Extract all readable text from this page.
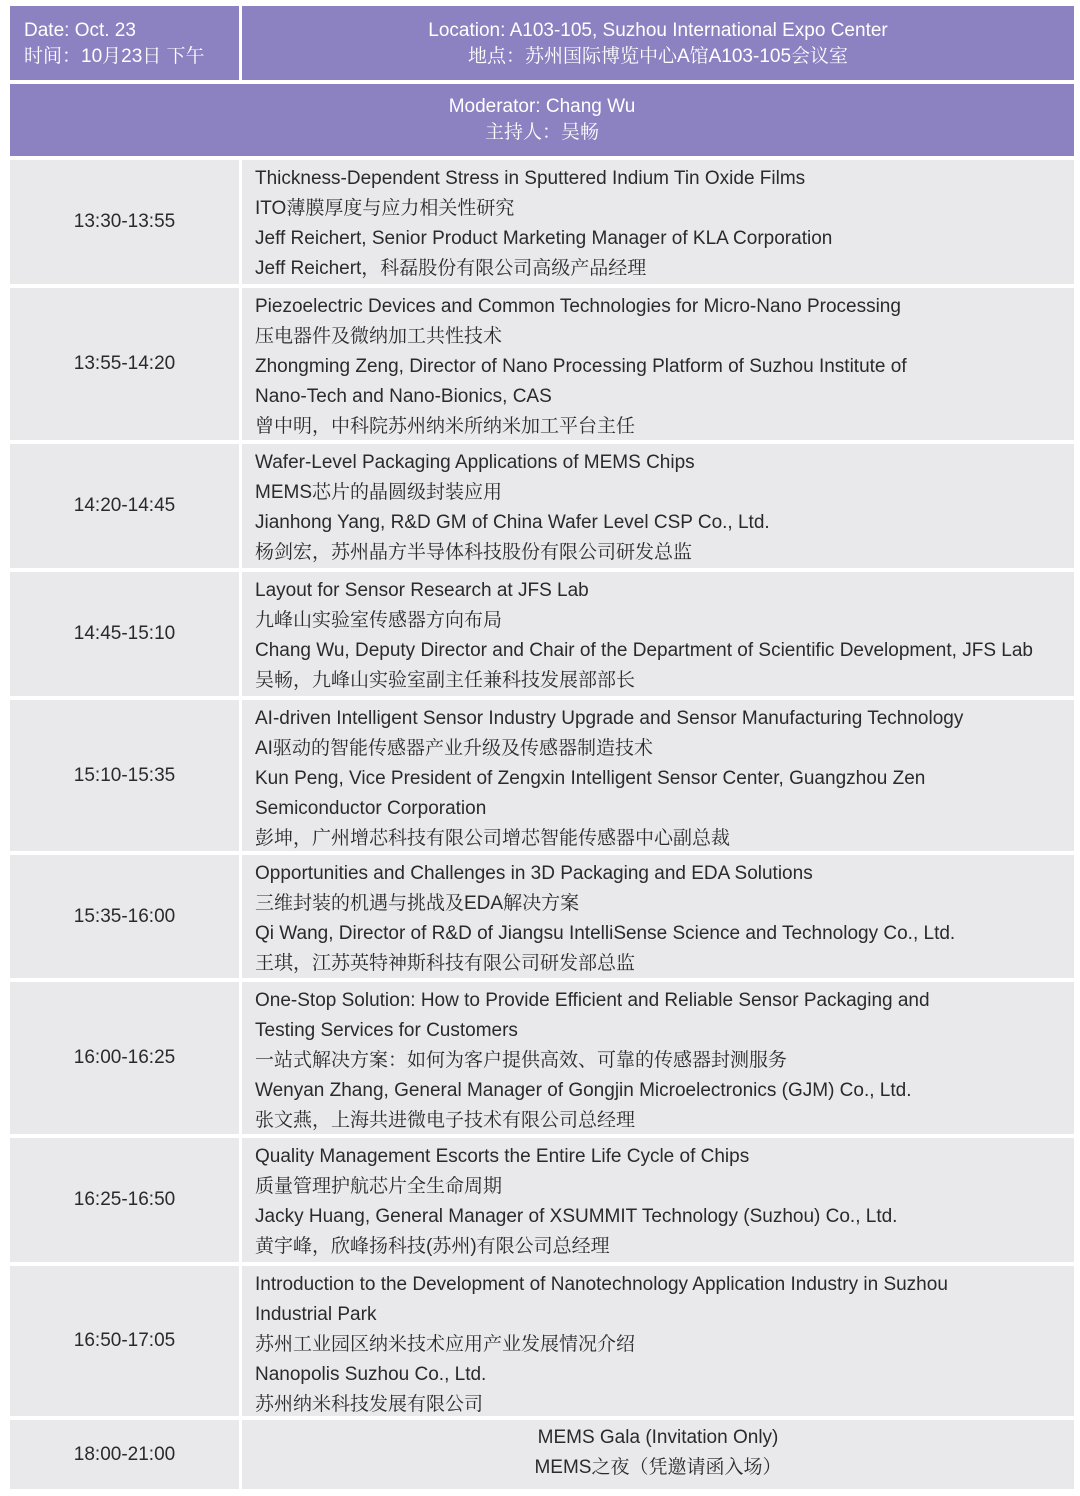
Date: Oct. 23
时间：10月23日 下午
Location: A103-105, Suzhou International Expo Center
地点：苏州国际博览中心A馆A103-105会议室
Moderator: Chang Wu
主持人：吴畅
13:30-13:55
Thickness-Dependent Stress in Sputtered Indium Tin Oxide Films
ITO薄膜厚度与应力相关性研究
Jeff Reichert, Senior Product Marketing Manager of KLA Corporation
Jeff Reichert，科磊股份有限公司高级产品经理
13:55-14:20
Piezoelectric Devices and Common Technologies for Micro-Nano Processing
压电器件及微纳加工共性技术
Zhongming Zeng, Director of Nano Processing Platform of Suzhou Institute of
Nano-Tech and Nano-Bionics, CAS
曾中明，中科院苏州纳米所纳米加工平台主任
14:20-14:45
Wafer-Level Packaging Applications of MEMS Chips
MEMS芯片的晶圆级封装应用
Jianhong Yang, R&D GM of China Wafer Level CSP Co., Ltd.
杨剑宏，苏州晶方半导体科技股份有限公司研发总监
14:45-15:10
Layout for Sensor Research at JFS Lab
九峰山实验室传感器方向布局
Chang Wu, Deputy Director and Chair of the Department of Scientific Development, JFS Lab
吴畅，九峰山实验室副主任兼科技发展部部长
15:10-15:35
AI-driven Intelligent Sensor Industry Upgrade and Sensor Manufacturing Technology
AI驱动的智能传感器产业升级及传感器制造技术
Kun Peng, Vice President of Zengxin Intelligent Sensor Center, Guangzhou Zen
Semiconductor Corporation
彭坤，广州增芯科技有限公司增芯智能传感器中心副总裁
15:35-16:00
Opportunities and Challenges in 3D Packaging and EDA Solutions
三维封装的机遇与挑战及EDA解决方案
Qi Wang, Director of R&D of Jiangsu IntelliSense Science and Technology Co., Ltd.
王琪，江苏英特神斯科技有限公司研发部总监
16:00-16:25
One-Stop Solution: How to Provide Efficient and Reliable Sensor Packaging and
Testing Services for Customers
一站式解决方案：如何为客户提供高效、可靠的传感器封测服务
Wenyan Zhang, General Manager of Gongjin Microelectronics (GJM) Co., Ltd.
张文燕，上海共进微电子技术有限公司总经理
16:25-16:50
Quality Management Escorts the Entire Life Cycle of Chips
质量管理护航芯片全生命周期
Jacky Huang, General Manager of XSUMMIT Technology (Suzhou) Co., Ltd.
黄宇峰，欣峰扬科技(苏州)有限公司总经理
16:50-17:05
Introduction to the Development of Nanotechnology Application Industry in Suzhou
Industrial Park
苏州工业园区纳米技术应用产业发展情况介绍
Nanopolis Suzhou Co., Ltd.
苏州纳米科技发展有限公司
18:00-21:00
MEMS Gala (Invitation Only)
MEMS之夜（凭邀请函入场）
